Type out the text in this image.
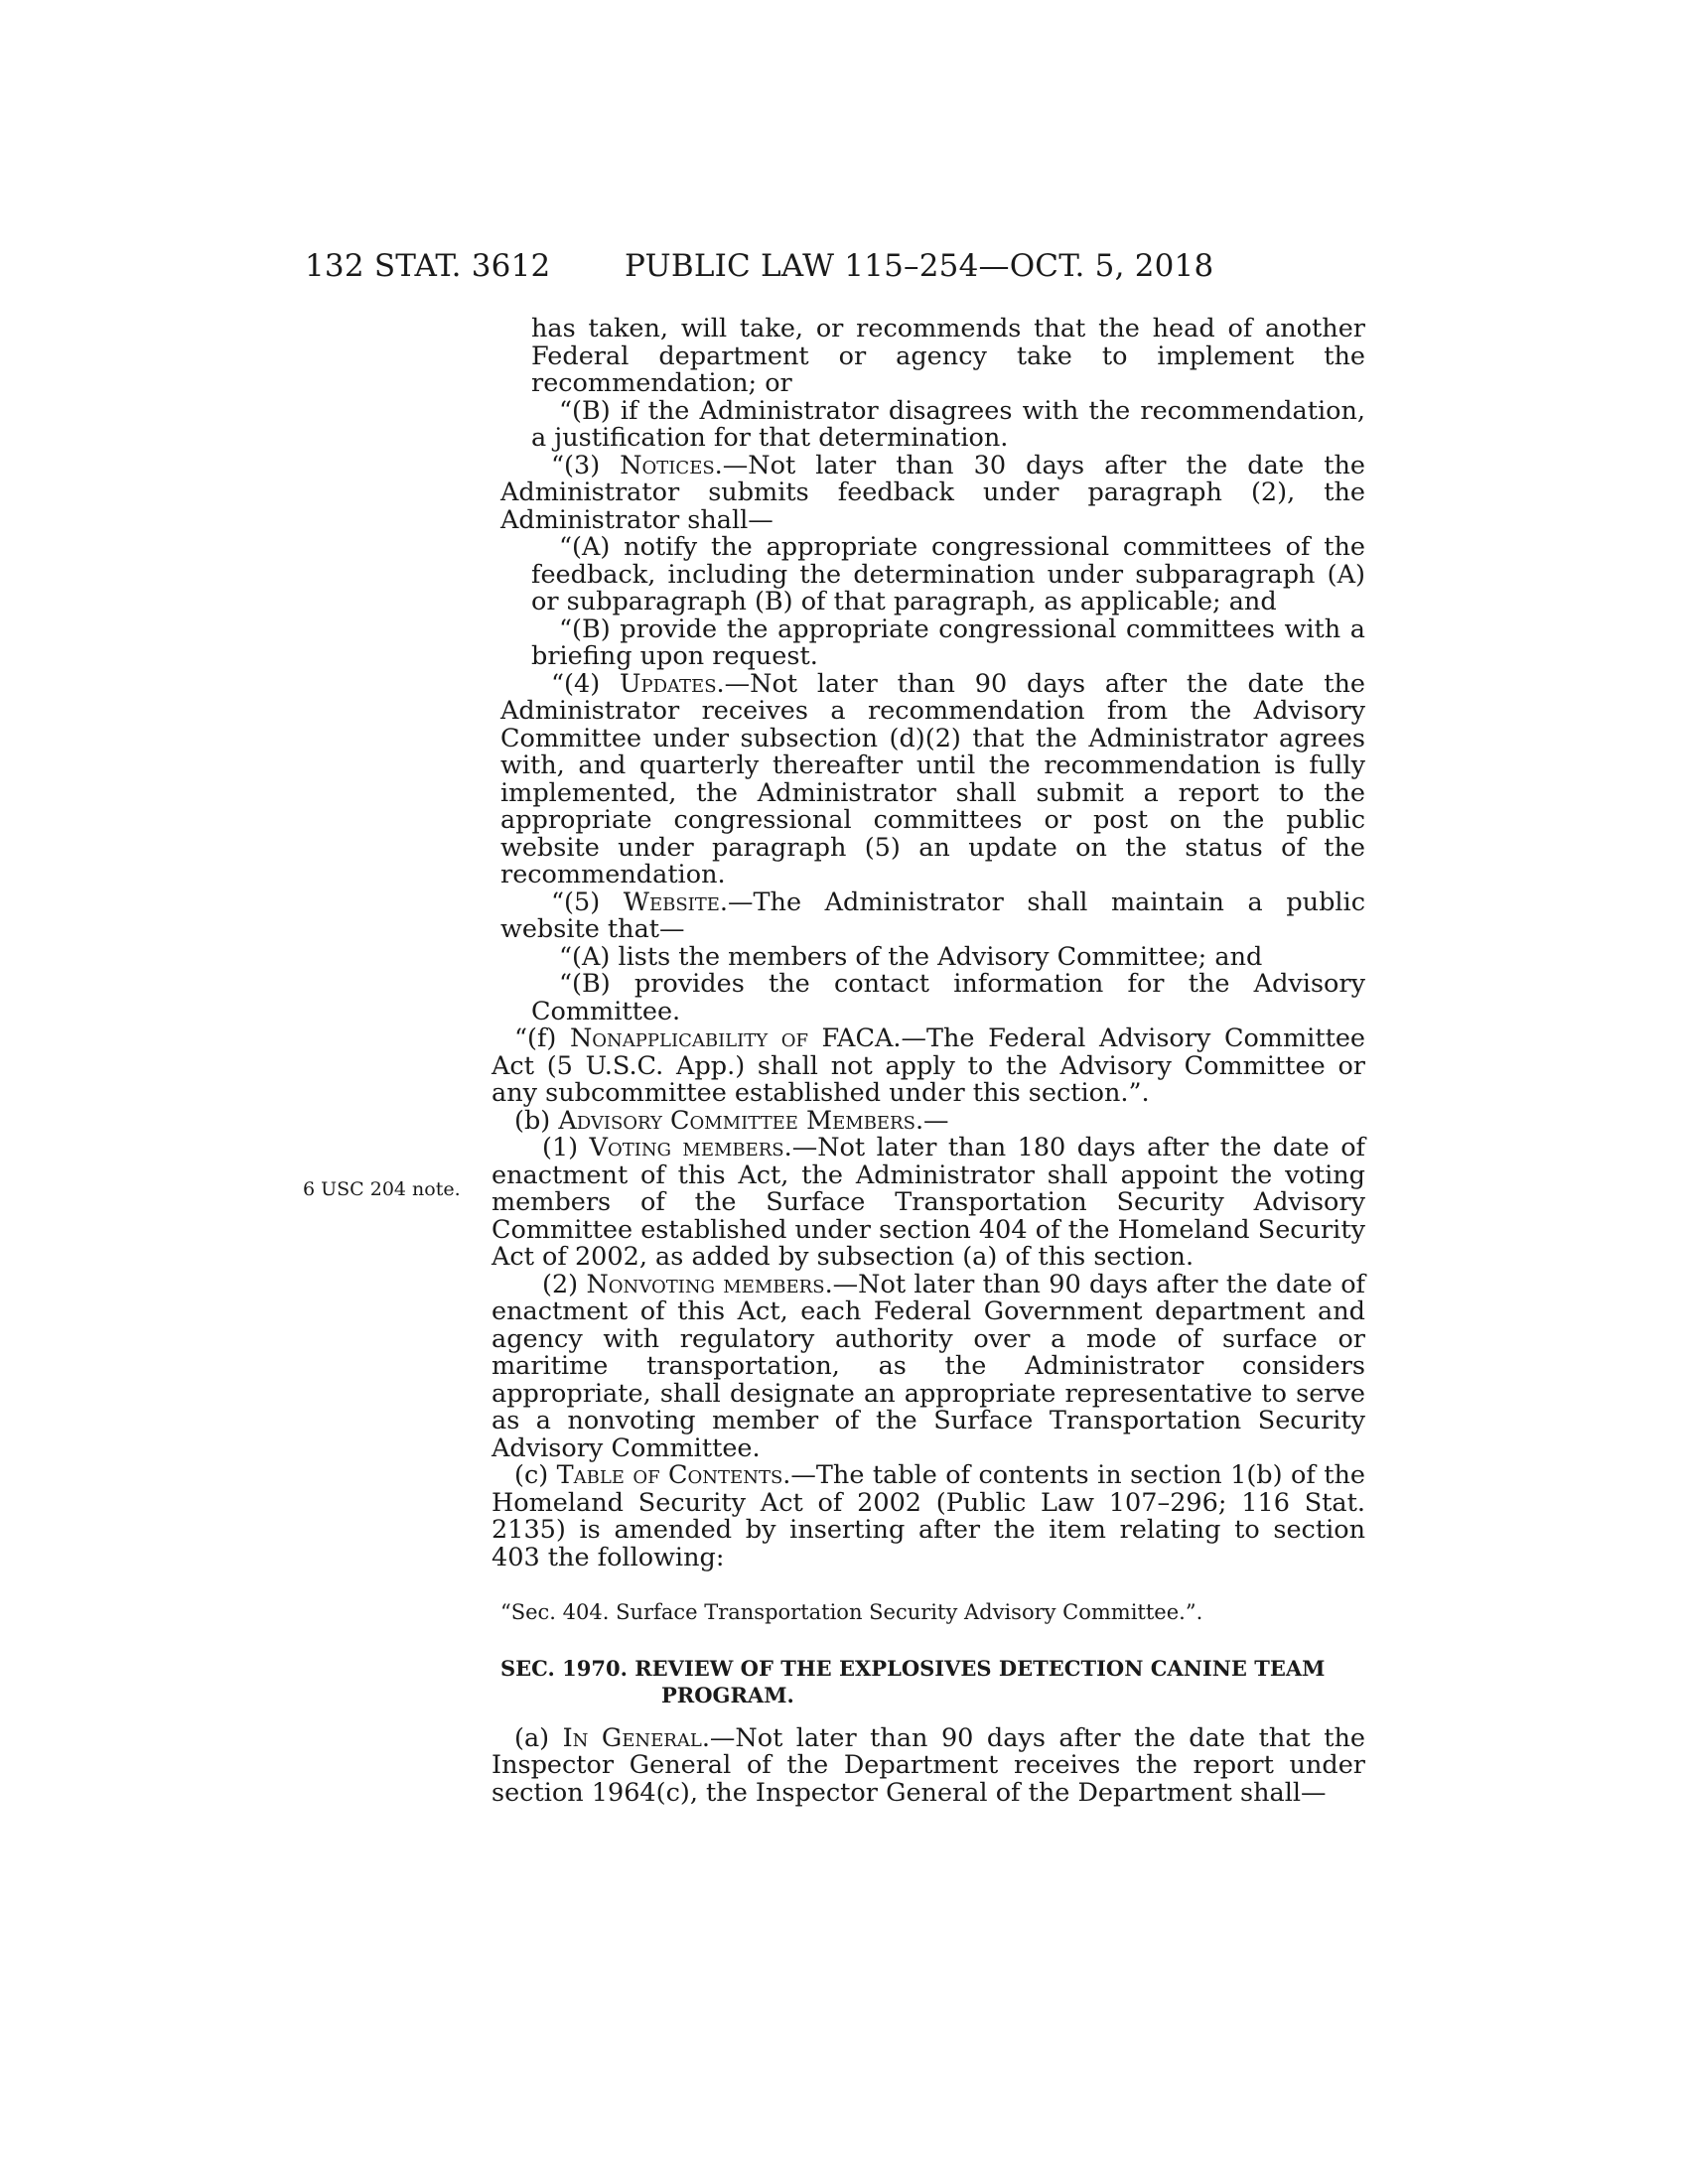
132 STAT. 3612 PUBLIC LAW 115–254—OCT. 5, 2018

has taken, will take, or recommends that the head of another Federal department or agency take to implement the recommendation; or

“(B) if the Administrator disagrees with the recommendation, a justification for that determination.

“(3) Notices.—Not later than 30 days after the date the Administrator submits feedback under paragraph (2), the Administrator shall—

“(A) notify the appropriate congressional committees of the feedback, including the determination under subparagraph (A) or subparagraph (B) of that paragraph, as applicable; and

“(B) provide the appropriate congressional committees with a briefing upon request.

“(4) Updates.—Not later than 90 days after the date the Administrator receives a recommendation from the Advisory Committee under subsection (d)(2) that the Administrator agrees with, and quarterly thereafter until the recommendation is fully implemented, the Administrator shall submit a report to the appropriate congressional committees or post on the public website under paragraph (5) an update on the status of the recommendation.

“(5) Website.—The Administrator shall maintain a public website that—

“(A) lists the members of the Advisory Committee; and

“(B) provides the contact information for the Advisory Committee.

“(f) Nonapplicability of FACA.—The Federal Advisory Committee Act (5 U.S.C. App.) shall not apply to the Advisory Committee or any subcommittee established under this section.”.

(b) Advisory Committee Members.—

(1) Voting members.—Not later than 180 days after the date of enactment of this Act, the Administrator shall appoint the voting members of the Surface Transportation Security Advisory Committee established under section 404 of the Homeland Security Act of 2002, as added by subsection (a) of this section.

(2) Nonvoting members.—Not later than 90 days after the date of enactment of this Act, each Federal Government department and agency with regulatory authority over a mode of surface or maritime transportation, as the Administrator considers appropriate, shall designate an appropriate representative to serve as a nonvoting member of the Surface Transportation Security Advisory Committee.

(c) Table of Contents.—The table of contents in section 1(b) of the Homeland Security Act of 2002 (Public Law 107–296; 116 Stat. 2135) is amended by inserting after the item relating to section 403 the following:

“Sec. 404. Surface Transportation Security Advisory Committee.”.
SEC. 1970. REVIEW OF THE EXPLOSIVES DETECTION CANINE TEAM
PROGRAM.

(a) In General.—Not later than 90 days after the date that the Inspector General of the Department receives the report under section 1964(c), the Inspector General of the Department shall—

6 USC 204 note.
